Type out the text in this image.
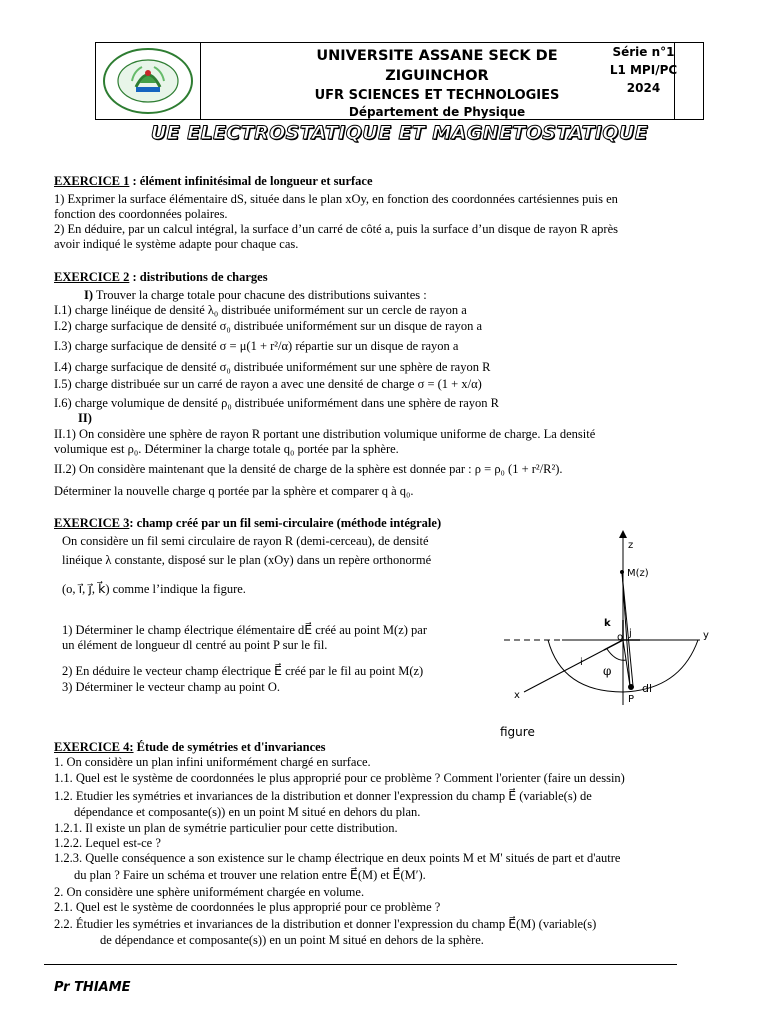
UNIVERSITE ASSANE SECK DE
ZIGUINCHOR
UFR SCIENCES ET TECHNOLOGIES
Département de Physique
Série n°1
L1 MPI/PC
2024
UE ELECTROSTATIQUE ET MAGNETOSTATIQUE
EXERCICE 1 : élément infinitésimal de longueur et surface
1) Exprimer la surface élémentaire dS, située dans le plan xOy, en fonction des coordonnées cartésiennes puis en
fonction des coordonnées polaires.
2) En déduire, par un calcul intégral, la surface d’un carré de côté a, puis la surface d’un disque de rayon R après
avoir indiqué le système adapte pour chaque cas.
EXERCICE 2 : distributions de charges
I) Trouver la charge totale pour chacune des distributions suivantes :
I.1) charge linéique de densité λ₀ distribuée uniformément sur un cercle de rayon a
I.2) charge surfacique de densité σ₀ distribuée uniformément sur un disque de rayon a
I.3) charge surfacique de densité σ = μ(1 + r²/α) répartie sur un disque de rayon a
I.4) charge surfacique de densité σ₀ distribuée uniformément sur une sphère de rayon R
I.5) charge distribuée sur un carré de rayon a avec une densité de charge σ = (1 + x/α)
I.6) charge volumique de densité ρ₀ distribuée uniformément dans une sphère de rayon R
II)
II.1) On considère une sphère de rayon R portant une distribution volumique uniforme de charge. La densité
volumique est ρ₀. Déterminer la charge totale q₀ portée par la sphère.
II.2) On considère maintenant que la densité de charge de la sphère est donnée par : ρ = ρ₀ (1 + r²/R²).
Déterminer la nouvelle charge q portée par la sphère et comparer q à q₀.
EXERCICE 3: champ créé par un fil semi-circulaire (méthode intégrale)
On considère un fil semi circulaire de rayon R (demi-cerceau), de densité
linéique λ constante, disposé sur le plan (xOy) dans un repère orthonormé
(o, i⃗, j⃗, k⃗) comme l’indique la figure.
1) Déterminer le champ électrique élémentaire dE⃗ créé au point M(z) par
un élément de longueur dl centré au point P sur le fil.
2) En déduire le vecteur champ électrique E⃗ créé par le fil au point M(z)
3) Déterminer le vecteur champ au point O.
z
M(z)
y
x	P
dl
k
j
i
o
φ
figure
EXERCICE 4: Étude de symétries et d'invariances
1. On considère un plan infini uniformément chargé en surface.
1.1. Quel est le système de coordonnées le plus approprié pour ce problème ? Comment l'orienter (faire un dessin)
1.2. Etudier les symétries et invariances de la distribution et donner l'expression du champ E⃗ (variable(s) de
dépendance et composante(s)) en un point M situé en dehors du plan.
1.2.1. Il existe un plan de symétrie particulier pour cette distribution.
1.2.2. Lequel est-ce ?
1.2.3. Quelle conséquence a son existence sur le champ électrique en deux points M et M' situés de part et d'autre
du plan ? Faire un schéma et trouver une relation entre E⃗(M) et E⃗(M′).
2. On considère une sphère uniformément chargée en volume.
2.1. Quel est le système de coordonnées le plus approprié pour ce problème ?
2.2. Étudier les symétries et invariances de la distribution et donner l'expression du champ E⃗(M) (variable(s)
de dépendance et composante(s)) en un point M situé en dehors de la sphère.
Pr THIAME
